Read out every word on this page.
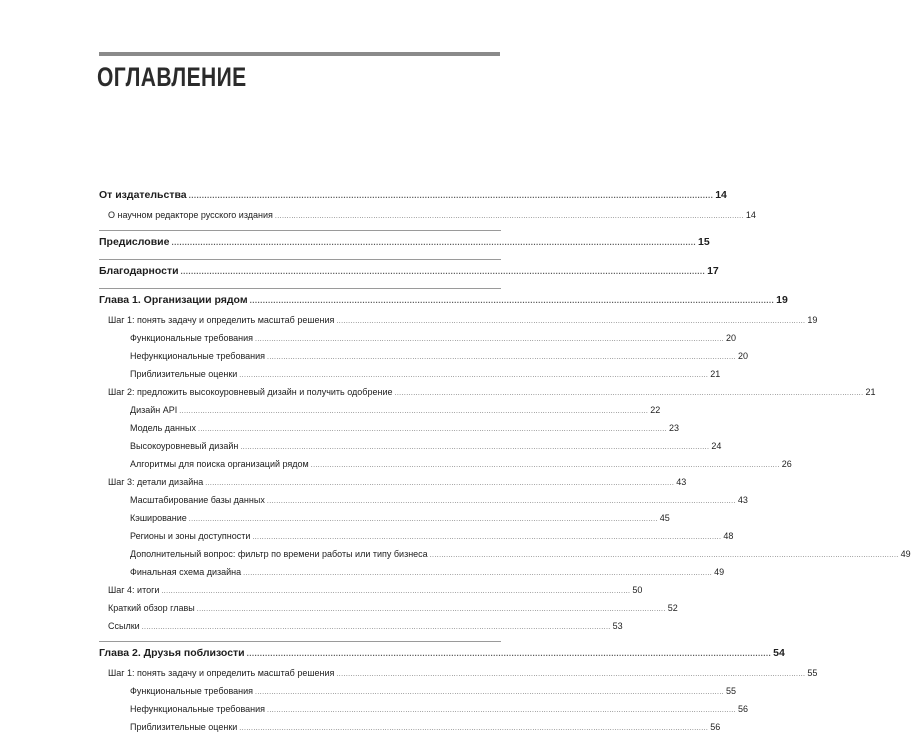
ОГЛАВЛЕНИЕ
От издательства ........................................................................................................................................................................................................ 14
О научном редакторе русского издания ........................................................................................................................................................................................................ 14
Предисловие ........................................................................................................................................................................................................ 15
Благодарности ........................................................................................................................................................................................................ 17
Глава 1. Организации рядом ........................................................................................................................................................................................................ 19
Шаг 1: понять задачу и определить масштаб решения ........................................................................................................................................................................................................ 19
Функциональные требования ........................................................................................................................................................................................................ 20
Нефункциональные требования ........................................................................................................................................................................................................ 20
Приблизительные оценки ........................................................................................................................................................................................................ 21
Шаг 2: предложить высокоуровневый дизайн и получить одобрение ........................................................................................................................................................................................................ 21
Дизайн API ........................................................................................................................................................................................................ 22
Модель данных ........................................................................................................................................................................................................ 23
Высокоуровневый дизайн ........................................................................................................................................................................................................ 24
Алгоритмы для поиска организаций рядом ........................................................................................................................................................................................................ 26
Шаг 3: детали дизайна ........................................................................................................................................................................................................ 43
Масштабирование базы данных ........................................................................................................................................................................................................ 43
Кэширование ........................................................................................................................................................................................................ 45
Регионы и зоны доступности ........................................................................................................................................................................................................ 48
Дополнительный вопрос: фильтр по времени работы или типу бизнеса ........................................................................................................................................................................................................ 49
Финальная схема дизайна ........................................................................................................................................................................................................ 49
Шаг 4: итоги ........................................................................................................................................................................................................ 50
Краткий обзор главы ........................................................................................................................................................................................................ 52
Ссылки ........................................................................................................................................................................................................ 53
Глава 2. Друзья поблизости ........................................................................................................................................................................................................ 54
Шаг 1: понять задачу и определить масштаб решения ........................................................................................................................................................................................................ 55
Функциональные требования ........................................................................................................................................................................................................ 55
Нефункциональные требования ........................................................................................................................................................................................................ 56
Приблизительные оценки ........................................................................................................................................................................................................ 56
